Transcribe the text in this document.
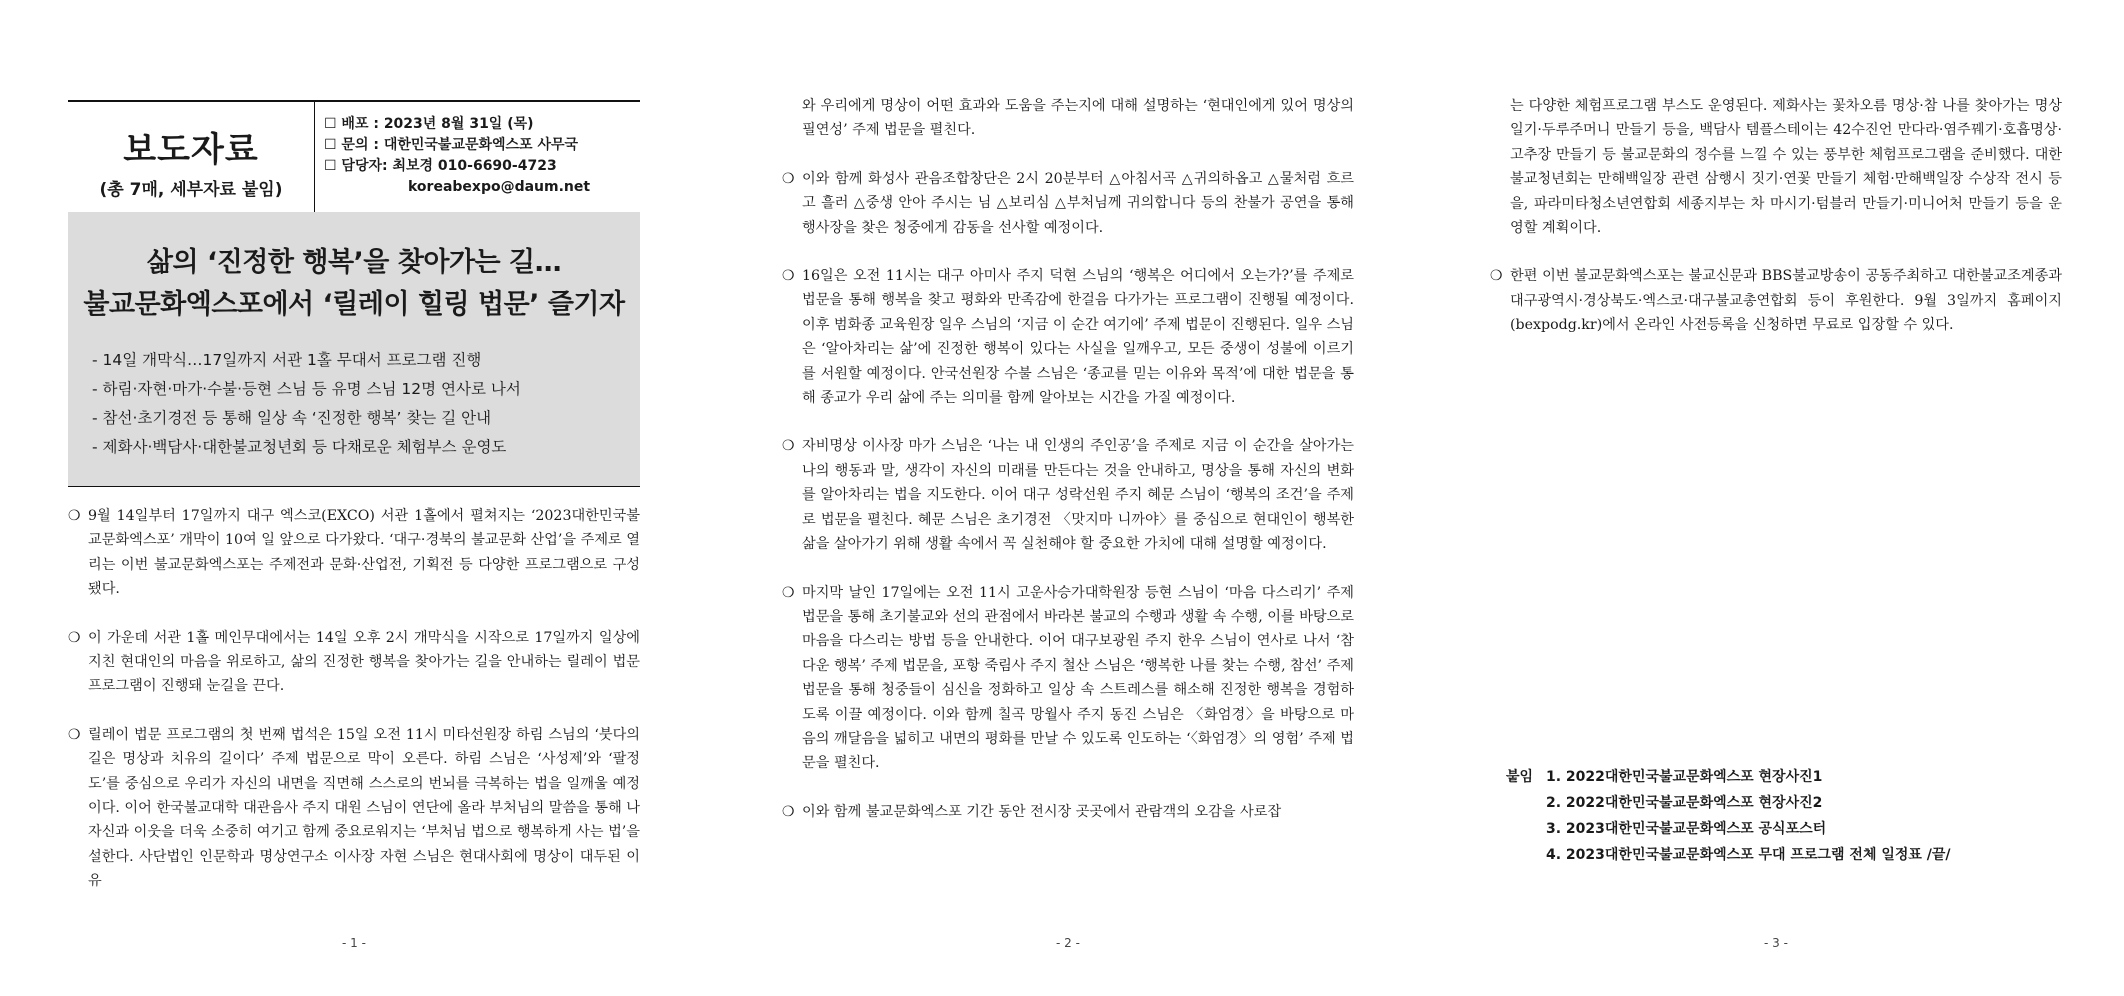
보도자료
(총 7매, 세부자료 붙임)
☐ 배포 : 2023년 8월 31일 (목)
☐ 문의 : 대한민국불교문화엑스포 사무국
☐ 담당자: 최보경 010-6690-4723
koreabexpo@daum.net
삶의 ‘진정한 행복’을 찾아가는 길…
불교문화엑스포에서 ‘릴레이 힐링 법문’ 즐기자
- 14일 개막식…17일까지 서관 1홀 무대서 프로그램 진행
- 하림·자현·마가·수불·등현 스님 등 유명 스님 12명 연사로 나서
- 참선·초기경전 등 통해 일상 속 ‘진정한 행복’ 찾는 길 안내
- 제화사·백담사·대한불교청년회 등 다채로운 체험부스 운영도
❍ 9월 14일부터 17일까지 대구 엑스코(EXCO) 서관 1홀에서 펼쳐지는 ‘2023대한민국불교문화엑스포’ 개막이 10여 일 앞으로 다가왔다. ‘대구·경북의 불교문화 산업’을 주제로 열리는 이번 불교문화엑스포는 주제전과 문화·산업전, 기획전 등 다양한 프로그램으로 구성됐다.

❍ 이 가운데 서관 1홀 메인무대에서는 14일 오후 2시 개막식을 시작으로 17일까지 일상에 지친 현대인의 마음을 위로하고, 삶의 진정한 행복을 찾아가는 길을 안내하는 릴레이 법문 프로그램이 진행돼 눈길을 끈다.

❍ 릴레이 법문 프로그램의 첫 번째 법석은 15일 오전 11시 미타선원장 하림 스님의 ‘붓다의 길은 명상과 치유의 길이다’ 주제 법문으로 막이 오른다. 하림 스님은 ‘사성제’와 ‘팔정도’를 중심으로 우리가 자신의 내면을 직면해 스스로의 번뇌를 극복하는 법을 일깨울 예정이다. 이어 한국불교대학 대관음사 주지 대원 스님이 연단에 올라 부처님의 말씀을 통해 나 자신과 이웃을 더욱 소중히 여기고 함께 중요로워지는 ‘부처님 법으로 행복하게 사는 법’을 설한다. 사단법인 인문학과 명상연구소 이사장 자현 스님은 현대사회에 명상이 대두된 이유

- 1 -
와 우리에게 명상이 어떤 효과와 도움을 주는지에 대해 설명하는 ‘현대인에게 있어 명상의 필연성’ 주제 법문을 펼친다.
❍ 이와 함께 화성사 관음조합창단은 2시 20분부터 △아침서곡 △귀의하옵고 △물처럼 흐르고 흘러 △중생 안아 주시는 님 △보리심 △부처님께 귀의합니다 등의 찬불가 공연을 통해 행사장을 찾은 청중에게 감동을 선사할 예정이다.

❍ 16일은 오전 11시는 대구 아미사 주지 덕현 스님의 ‘행복은 어디에서 오는가?’를 주제로 법문을 통해 행복을 찾고 평화와 만족감에 한걸음 다가가는 프로그램이 진행될 예정이다. 이후 범화종 교육원장 일우 스님의 ‘지금 이 순간 여기에’ 주제 법문이 진행된다. 일우 스님은 ‘알아차리는 삶’에 진정한 행복이 있다는 사실을 일깨우고, 모든 중생이 성불에 이르기를 서원할 예정이다. 안국선원장 수불 스님은 ‘종교를 믿는 이유와 목적’에 대한 법문을 통해 종교가 우리 삶에 주는 의미를 함께 알아보는 시간을 가질 예정이다.

❍ 자비명상 이사장 마가 스님은 ‘나는 내 인생의 주인공’을 주제로 지금 이 순간을 살아가는 나의 행동과 말, 생각이 자신의 미래를 만든다는 것을 안내하고, 명상을 통해 자신의 변화를 알아차리는 법을 지도한다. 이어 대구 성락선원 주지 혜문 스님이 ‘행복의 조건’을 주제로 법문을 펼친다. 혜문 스님은 초기경전 〈맛지마 니까야〉를 중심으로 현대인이 행복한 삶을 살아가기 위해 생활 속에서 꼭 실천해야 할 중요한 가치에 대해 설명할 예정이다.

❍ 마지막 날인 17일에는 오전 11시 고운사승가대학원장 등현 스님이 ‘마음 다스리기’ 주제 법문을 통해 초기불교와 선의 관점에서 바라본 불교의 수행과 생활 속 수행, 이를 바탕으로 마음을 다스리는 방법 등을 안내한다. 이어 대구보광원 주지 한우 스님이 연사로 나서 ‘참다운 행복’ 주제 법문을, 포항 죽림사 주지 철산 스님은 ‘행복한 나를 찾는 수행, 참선’ 주제 법문을 통해 청중들이 심신을 정화하고 일상 속 스트레스를 해소해 진정한 행복을 경험하도록 이끌 예정이다. 이와 함께 칠곡 망월사 주지 동진 스님은 〈화엄경〉을 바탕으로 마음의 깨달음을 넓히고 내면의 평화를 만날 수 있도록 인도하는 ‘〈화엄경〉의 영험’ 주제 법문을 펼친다.

❍ 이와 함께 불교문화엑스포 기간 동안 전시장 곳곳에서 관람객의 오감을 사로잡

- 2 -
는 다양한 체험프로그램 부스도 운영된다. 제화사는 꽃차오름 명상·참 나를 찾아가는 명상일기·두루주머니 만들기 등을, 백담사 템플스테이는 42수진언 만다라·염주꿰기·호흡명상·고추장 만들기 등 불교문화의 정수를 느낄 수 있는 풍부한 체험프로그램을 준비했다. 대한불교청년회는 만해백일장 관련 삼행시 짓기·연꽃 만들기 체험·만해백일장 수상작 전시 등을, 파라미타청소년연합회 세종지부는 차 마시기·텀블러 만들기·미니어처 만들기 등을 운영할 계획이다.
❍ 한편 이번 불교문화엑스포는 불교신문과 BBS불교방송이 공동주최하고 대한불교조계종과 대구광역시·경상북도·엑스코·대구불교총연합회 등이 후원한다. 9월 3일까지 홈페이지(bexpodg.kr)에서 온라인 사전등록을 신청하면 무료로 입장할 수 있다.

붙임 1. 2022대한민국불교문화엑스포 현장사진1
2. 2022대한민국불교문화엑스포 현장사진2
3. 2023대한민국불교문화엑스포 공식포스터
4. 2023대한민국불교문화엑스포 무대 프로그램 전체 일정표 /끝/
- 3 -
